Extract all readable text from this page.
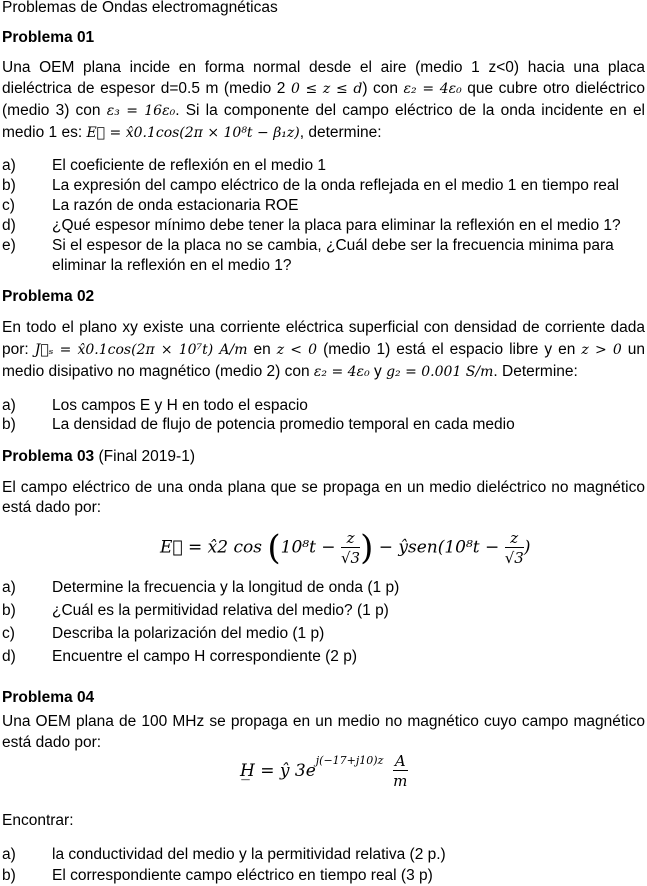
Problemas de Ondas electromagnéticas
Problema 01
Una OEM plana incide en forma normal desde el aire (medio 1 z<0) hacia una placa
dieléctrica de espesor d=0.5 m (medio 2 0 ≤ z ≤ d) con ε₂ = 4ε₀ que cubre otro dieléctrico
(medio 3) con ε₃ = 16ε₀. Si la componente del campo eléctrico de la onda incidente en el
medio 1 es: E⃗ = x̂0.1cos(2π × 10⁸t − β₁z), determine:
a) El coeficiente de reflexión en el medio 1
b) La expresión del campo eléctrico de la onda reflejada en el medio 1 en tiempo real
c) La razón de onda estacionaria ROE
d) ¿Qué espesor mínimo debe tener la placa para eliminar la reflexión en el medio 1?
e) Si el espesor de la placa no se cambia, ¿Cuál debe ser la frecuencia minima para
eliminar la reflexión en el medio 1?
Problema 02
En todo el plano xy existe una corriente eléctrica superficial con densidad de corriente dada
por: J⃗ₛ = x̂0.1cos(2π × 10⁷t) A/m en z < 0 (medio 1) está el espacio libre y en z > 0 un
medio disipativo no magnético (medio 2) con ε₂ = 4ε₀ y g₂ = 0.001 S/m. Determine:
a) Los campos E y H en todo el espacio
b) La densidad de flujo de potencia promedio temporal en cada medio
Problema 03 (Final 2019-1)
El campo eléctrico de una onda plana que se propaga en un medio dieléctrico no magnético
está dado por:
E⃗ = x̂2 $\cos (10^8t - \frac{z}{√3}$ ) − ŷsen(10⁸t − $\frac{z}{√3}$ )
a) Determine la frecuencia y la longitud de onda (1 p)
b) ¿Cuál es la permitividad relativa del medio? (1 p)
c) Describa la polarización del medio (1 p)
d) Encuentre el campo H correspondiente (2 p)
Problema 04
Una OEM plana de 100 MHz se propaga en un medio no magnético cuyo campo magnético
está dado por:
H̲ = ŷ $3e^{j(-17+j10)z} \frac{A}{m}$
Encontrar:
a) la conductividad del medio y la permitividad relativa (2 p.)
b) El correspondiente campo eléctrico en tiempo real (3 p)
